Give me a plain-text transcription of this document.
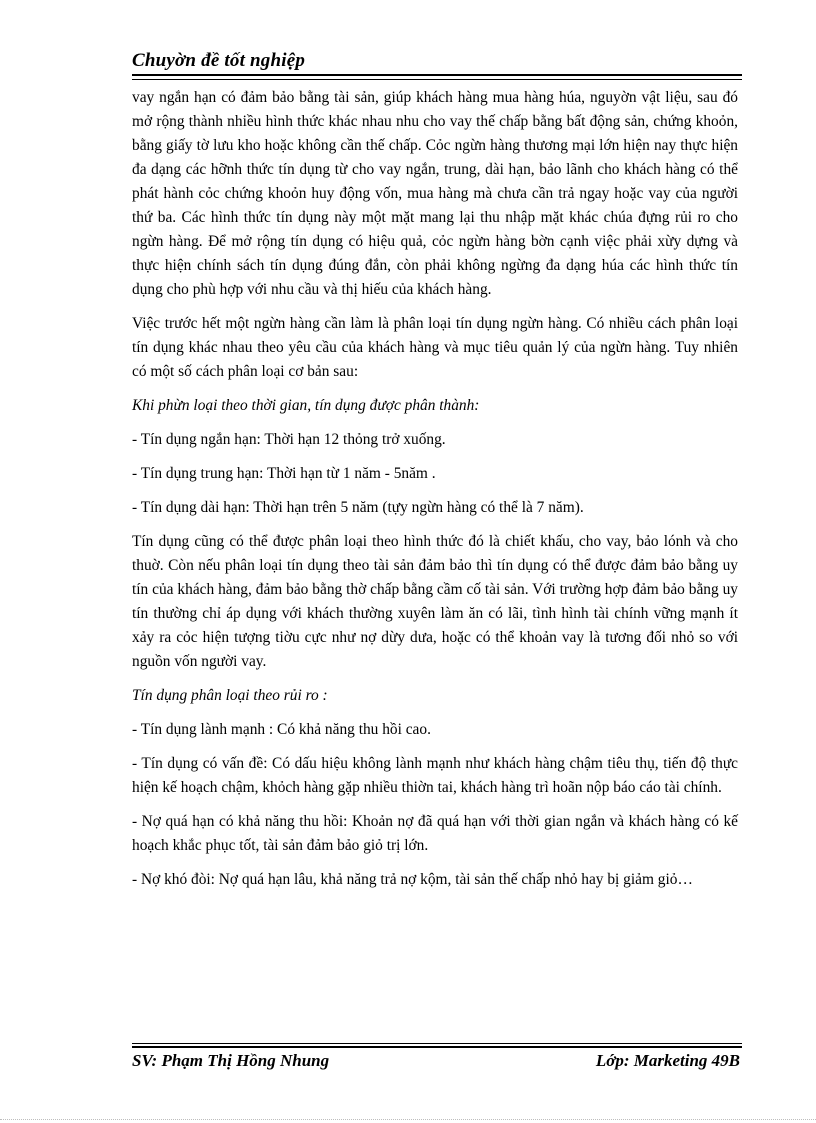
Chuyờn đề tốt nghiệp

vay ngắn hạn có đảm bảo bằng tài sản, giúp khách hàng mua hàng húa, nguyờn vật liệu, sau đó mở rộng thành nhiều hình thức khác nhau nhu cho vay thế chấp bằng bất động sản, chứng khoỏn, bằng giấy tờ lưu kho hoặc không cần thế chấp. Cỏc ngừn hàng thương mại lớn hiện nay thực hiện đa dạng các hỡnh thức tín dụng từ cho vay ngắn, trung, dài hạn, bảo lãnh cho khách hàng có thể phát hành cỏc chứng khoỏn huy động vốn, mua hàng mà chưa cần trả ngay hoặc vay của người thứ ba. Các hình thức tín dụng này một mặt mang lại thu nhập mặt khác chúa đựng rủi ro cho ngừn hàng. Để mở rộng tín dụng có hiệu quả, cỏc ngừn hàng bờn cạnh việc phải xừy dựng và thực hiện chính sách tín dụng đúng đắn, còn phải không ngừng đa dạng húa các hình thức tín dụng cho phù hợp với nhu cầu và thị hiếu của khách hàng.

Việc trước hết một ngừn hàng cần làm là phân loại tín dụng ngừn hàng. Có nhiều cách phân loại tín dụng khác nhau theo yêu cầu của khách hàng và mục tiêu quản lý của ngừn hàng. Tuy nhiên có một số cách phân loại cơ bản sau:

Khi phừn loại theo thời gian, tín dụng được phân thành:

- Tín dụng ngắn hạn: Thời hạn 12 thỏng trở xuống.

- Tín dụng trung hạn: Thời hạn từ 1 năm - 5năm .

- Tín dụng dài hạn: Thời hạn trên 5 năm (tựy ngừn hàng có thể là 7 năm).

Tín dụng cũng có thể được phân loại theo hình thức đó là chiết khấu, cho vay, bảo lónh và cho thuờ. Còn nếu phân loại tín dụng theo tài sản đảm bảo thì tín dụng có thể được đảm bảo bằng uy tín của khách hàng, đảm bảo bằng thờ chấp bằng cầm cố tài sản. Với trường hợp đảm bảo bằng uy tín thường chỉ áp dụng với khách thường xuyên làm ăn có lãi, tình hình tài chính vững mạnh ít xảy ra cỏc hiện tượng tiờu cực như nợ dừy dưa, hoặc có thể khoản vay là tương đối nhỏ so với nguồn vốn người vay.

Tín dụng phân loại theo rủi ro :

- Tín dụng lành mạnh : Có khả năng thu hồi cao.

- Tín dụng có vấn đề: Có dấu hiệu không lành mạnh như khách hàng chậm tiêu thụ, tiến độ thực hiện kế hoạch chậm, khỏch hàng gặp nhiều thiờn tai, khách hàng trì hoãn nộp báo cáo tài chính.

- Nợ quá hạn có khả năng thu hồi: Khoản nợ đã quá hạn với thời gian ngắn và khách hàng có kế hoạch khắc phục tốt, tài sản đảm bảo giỏ trị lớn.

- Nợ khó đòi: Nợ quá hạn lâu, khả năng trả nợ kộm, tài sản thế chấp nhỏ hay bị giảm giỏ…

SV: Phạm Thị Hồng Nhung	Lớp: Marketing 49B
